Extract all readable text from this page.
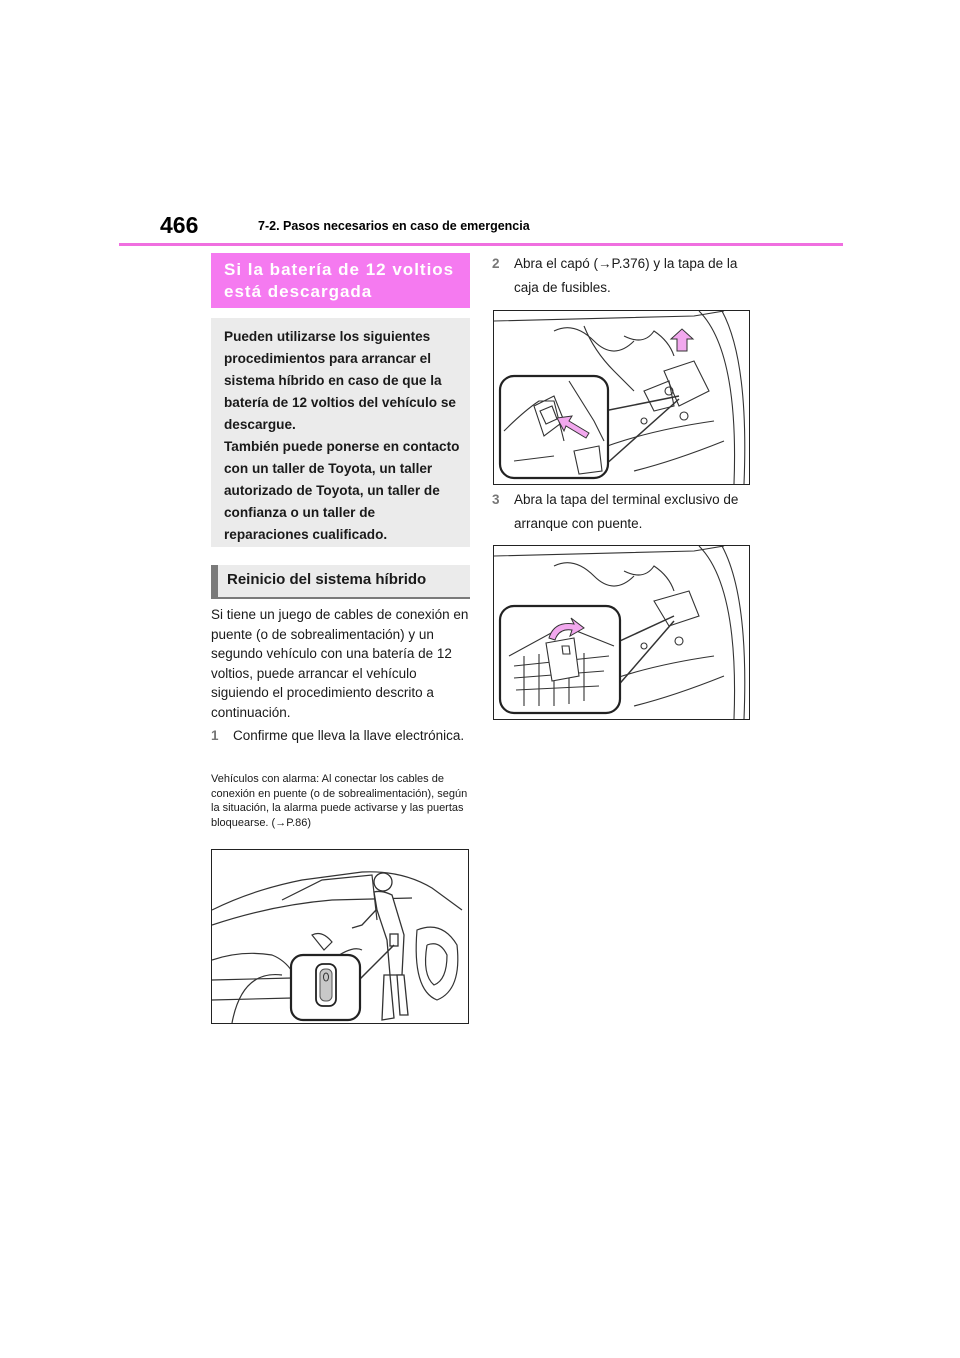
466	7-2. Pasos necesarios en caso de emergencia
Si la batería de 12 voltios está descargada

Pueden utilizarse los siguientes procedimientos para arrancar el sistema híbrido en caso de que la batería de 12 voltios del vehículo se descargue.

También puede ponerse en contacto con un taller de Toyota, un taller autorizado de Toyota, un taller de confianza o un taller de reparaciones cualificado.

Reinicio del sistema híbrido
Si tiene un juego de cables de conexión en puente (o de sobrealimentación) y un segundo vehículo con una batería de 12 voltios, puede arrancar el vehículo siguiendo el procedimiento descrito a continuación.
1 Confirme que lleva la llave electrónica.
Vehículos con alarma: Al conectar los cables de conexión en puente (o de sobrealimentación), según la situación, la alarma puede activarse y las puertas bloquearse. (→P.86)
2 Abra el capó (→P.376) y la tapa de la caja de fusibles.
3 Abra la tapa del terminal exclusivo de arranque con puente.
